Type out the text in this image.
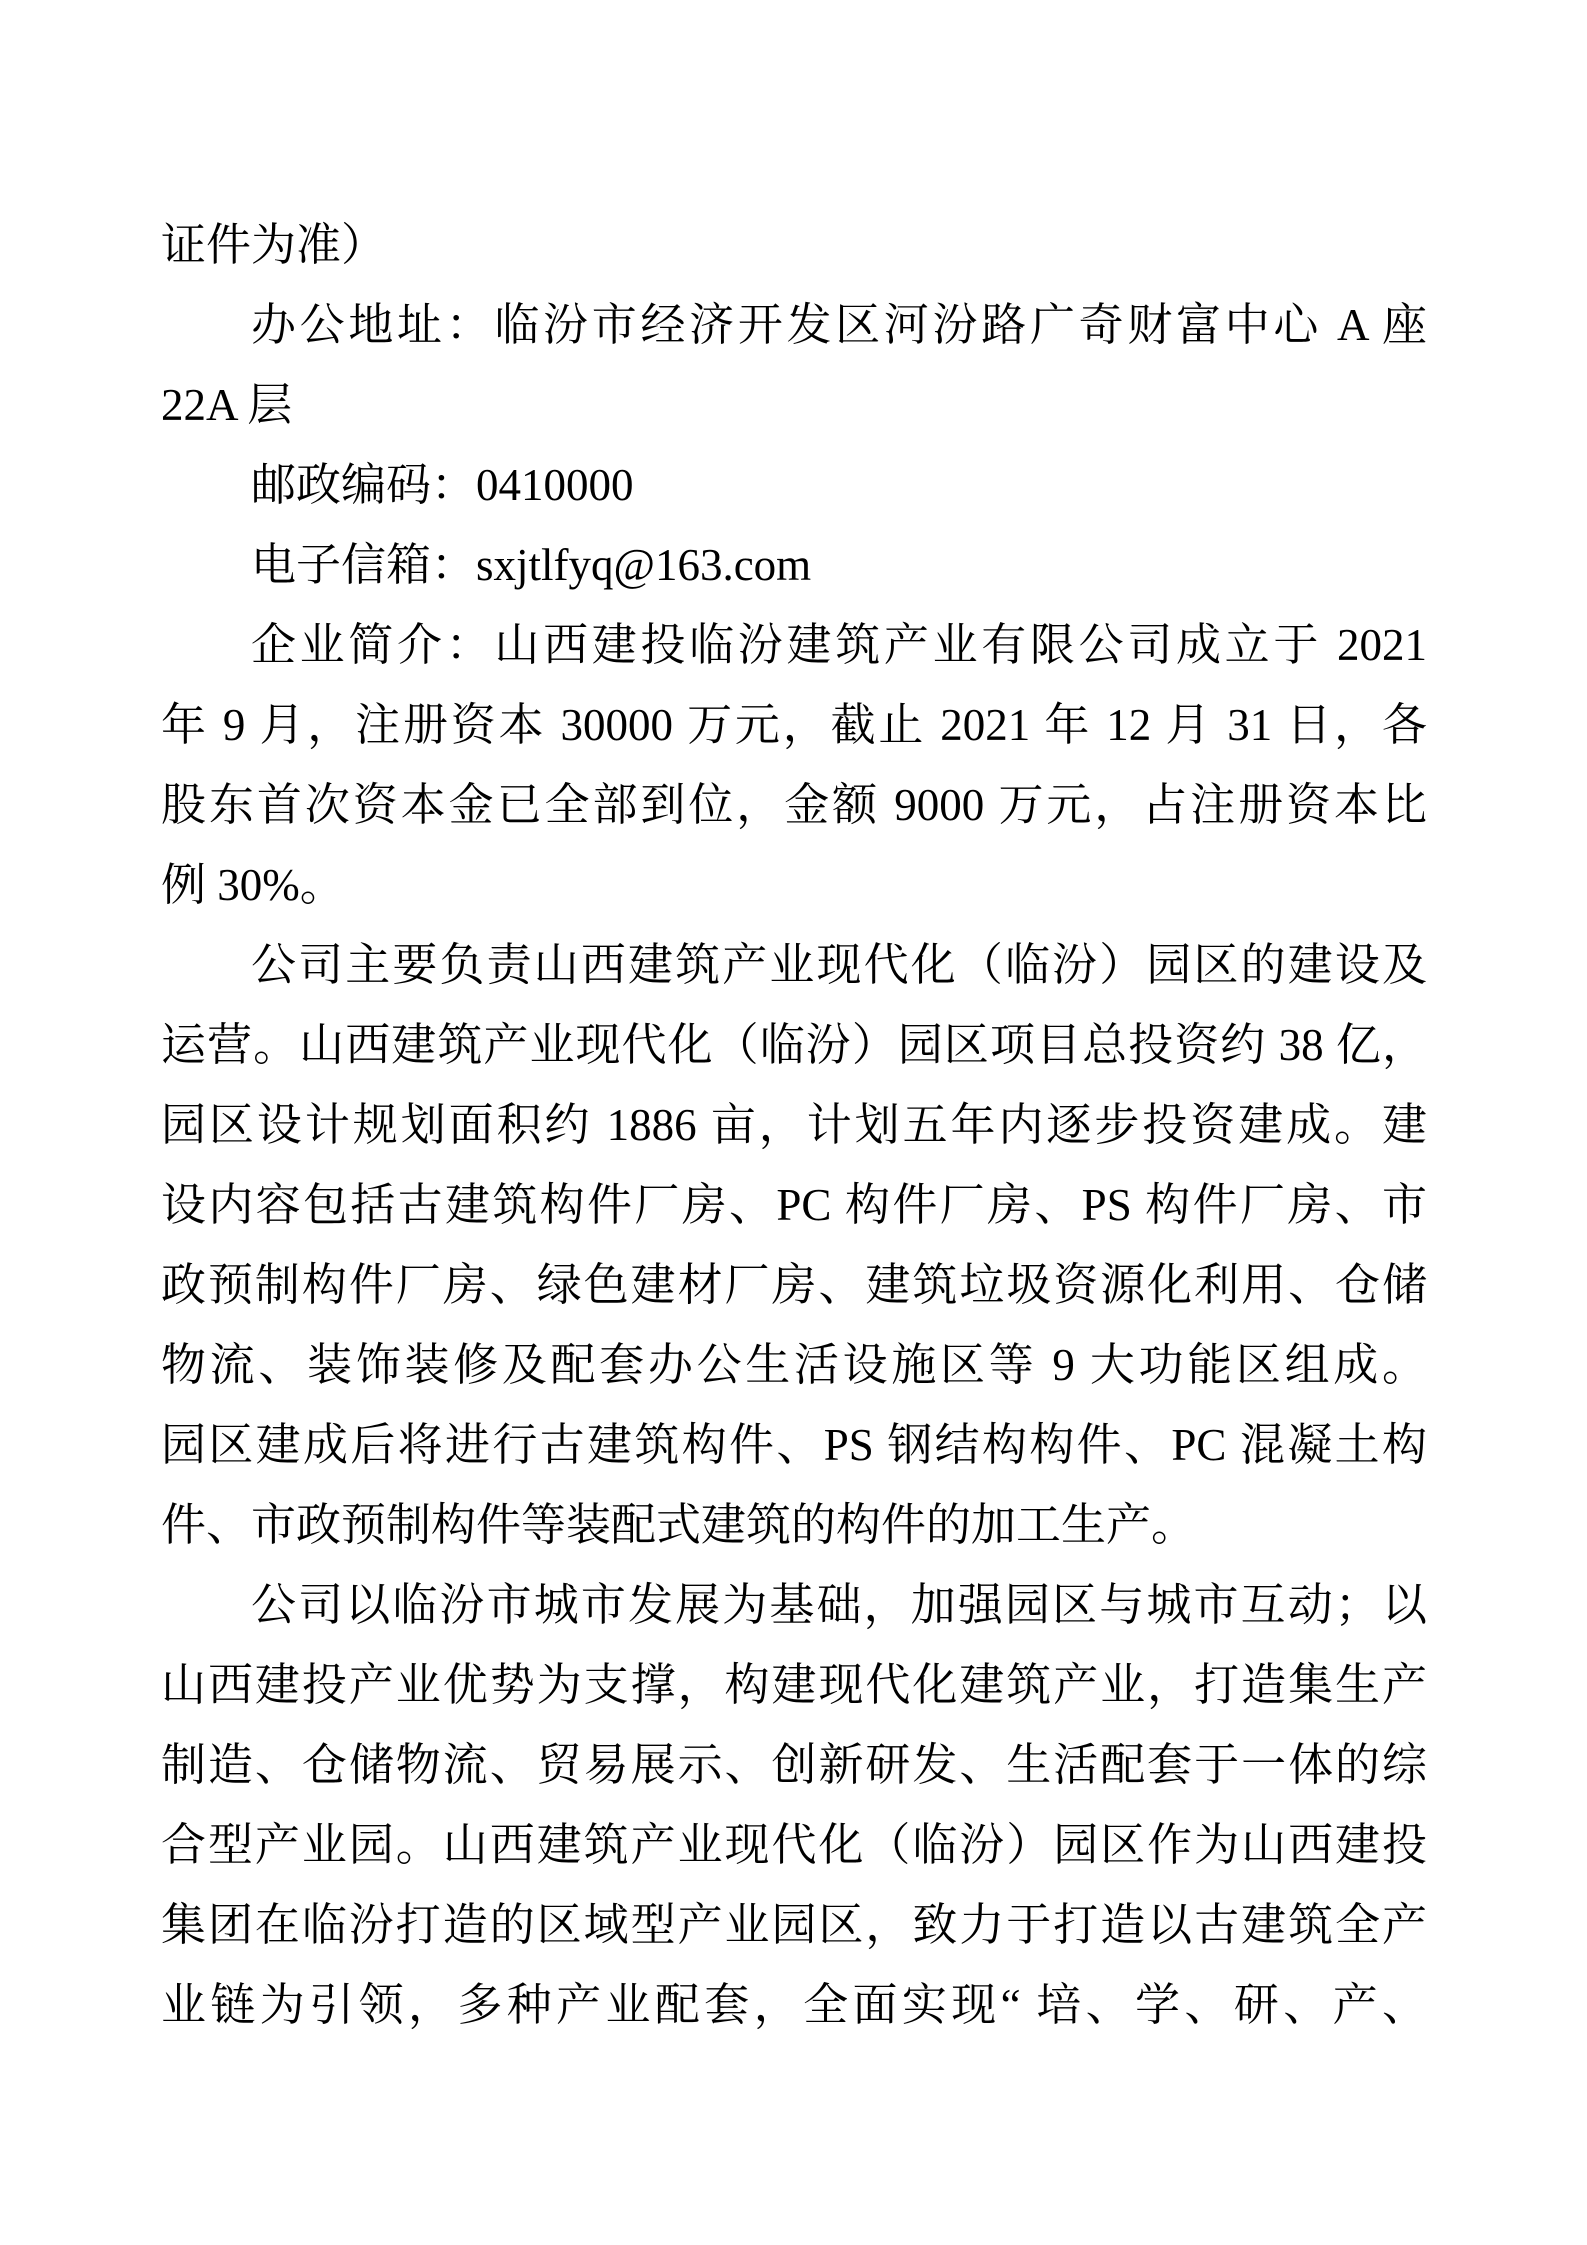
证件为准）
办公地址：临汾市经济开发区河汾路广奇财富中心 A 座
22A 层
邮政编码：0410000
电子信箱：sxjtlfyq@163.com
企业简介：山西建投临汾建筑产业有限公司成立于 2021
年 9 月，注册资本 30000 万元，截止 2021 年 12 月 31 日，各
股东首次资本金已全部到位，金额 9000 万元，占注册资本比
例 30%。
公司主要负责山西建筑产业现代化（临汾）园区的建设及
运营。山西建筑产业现代化（临汾）园区项目总投资约 38 亿，
园区设计规划面积约 1886 亩，计划五年内逐步投资建成。建
设内容包括古建筑构件厂房、PC 构件厂房、PS 构件厂房、市
政预制构件厂房、绿色建材厂房、建筑垃圾资源化利用、仓储
物流、装饰装修及配套办公生活设施区等 9 大功能区组成。
园区建成后将进行古建筑构件、PS 钢结构构件、PC 混凝土构
件、市政预制构件等装配式建筑的构件的加工生产。
公司以临汾市城市发展为基础，加强园区与城市互动；以
山西建投产业优势为支撑，构建现代化建筑产业，打造集生产
制造、仓储物流、贸易展示、创新研发、生活配套于一体的综
合型产业园。山西建筑产业现代化（临汾）园区作为山西建投
集团在临汾打造的区域型产业园区，致力于打造以古建筑全产
业链为引领，多种产业配套，全面实现“ 培、学、研、产、
